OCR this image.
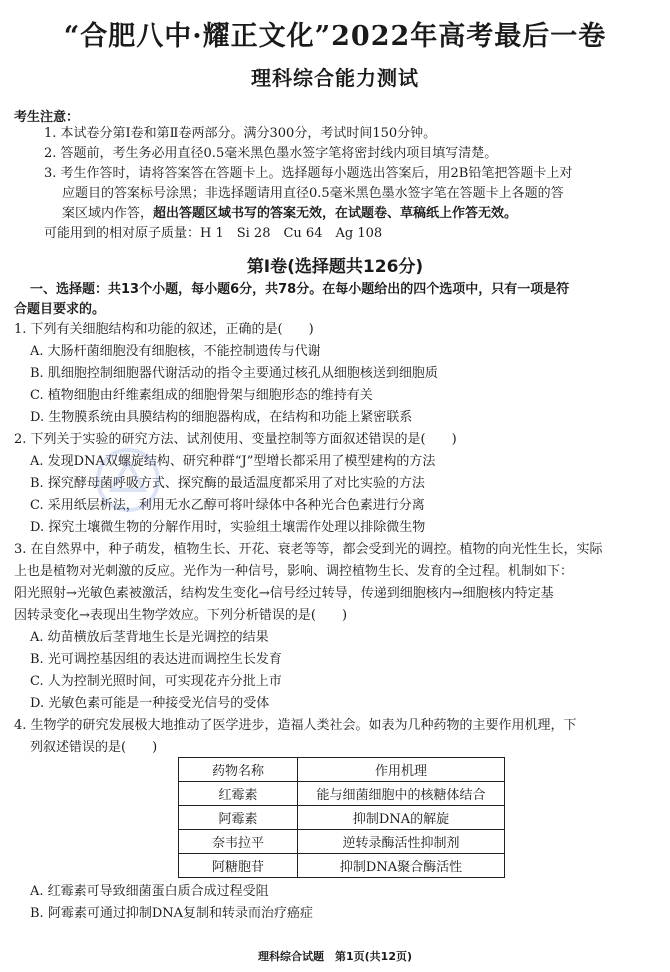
“合肥八中·耀正文化”2022年高考最后一卷
理科综合能力测试
考生注意：
1. 本试卷分第Ⅰ卷和第Ⅱ卷两部分。满分300分，考试时间150分钟。
2. 答题前，考生务必用直径0.5毫米黑色墨水签字笔将密封线内项目填写清楚。
3. 考生作答时，请将答案答在答题卡上。选择题每小题选出答案后，用2B铅笔把答题卡上对
应题目的答案标号涂黑；非选择题请用直径0.5毫米黑色墨水签字笔在答题卡上各题的答
案区域内作答，超出答题区域书写的答案无效，在试题卷、草稿纸上作答无效。
可能用到的相对原子质量：H 1　Si 28　Cu 64　Ag 108
第Ⅰ卷(选择题共126分)
一、选择题：共13个小题，每小题6分，共78分。在每小题给出的四个选项中，只有一项是符
合题目要求的。
1. 下列有关细胞结构和功能的叙述，正确的是(　　)
A. 大肠杆菌细胞没有细胞核，不能控制遗传与代谢
B. 肌细胞控制细胞器代谢活动的指令主要通过核孔从细胞核送到细胞质
C. 植物细胞由纤维素组成的细胞骨架与细胞形态的维持有关
D. 生物膜系统由具膜结构的细胞器构成，在结构和功能上紧密联系
2. 下列关于实验的研究方法、试剂使用、变量控制等方面叙述错误的是(　　)
A. 发现DNA双螺旋结构、研究种群“J”型增长都采用了模型建构的方法
B. 探究酵母菌呼吸方式、探究酶的最适温度都采用了对比实验的方法
C. 采用纸层析法，利用无水乙醇可将叶绿体中各种光合色素进行分离
D. 探究土壤微生物的分解作用时，实验组土壤需作处理以排除微生物
3. 在自然界中，种子萌发，植物生长、开花、衰老等等，都会受到光的调控。植物的向光性生长，实际
上也是植物对光刺激的反应。光作为一种信号，影响、调控植物生长、发育的全过程。机制如下：
阳光照射→光敏色素被激活，结构发生变化→信号经过转导，传递到细胞核内→细胞核内特定基
因转录变化→表现出生物学效应。下列分析错误的是(　　)
A. 幼苗横放后茎背地生长是光调控的结果
B. 光可调控基因组的表达进而调控生长发育
C. 人为控制光照时间，可实现花卉分批上市
D. 光敏色素可能是一种接受光信号的受体
4. 生物学的研究发展极大地推动了医学进步，造福人类社会。如表为几种药物的主要作用机理，下
列叙述错误的是(　　)
药物名称	作用机理
红霉素	能与细菌细胞中的核糖体结合
阿霉素	抑制DNA的解旋
奈韦拉平	逆转录酶活性抑制剂
阿糖胞苷	抑制DNA聚合酶活性
A. 红霉素可导致细菌蛋白质合成过程受阻
B. 阿霉素可通过抑制DNA复制和转录而治疗癌症
理科综合试题　第1页(共12页)
